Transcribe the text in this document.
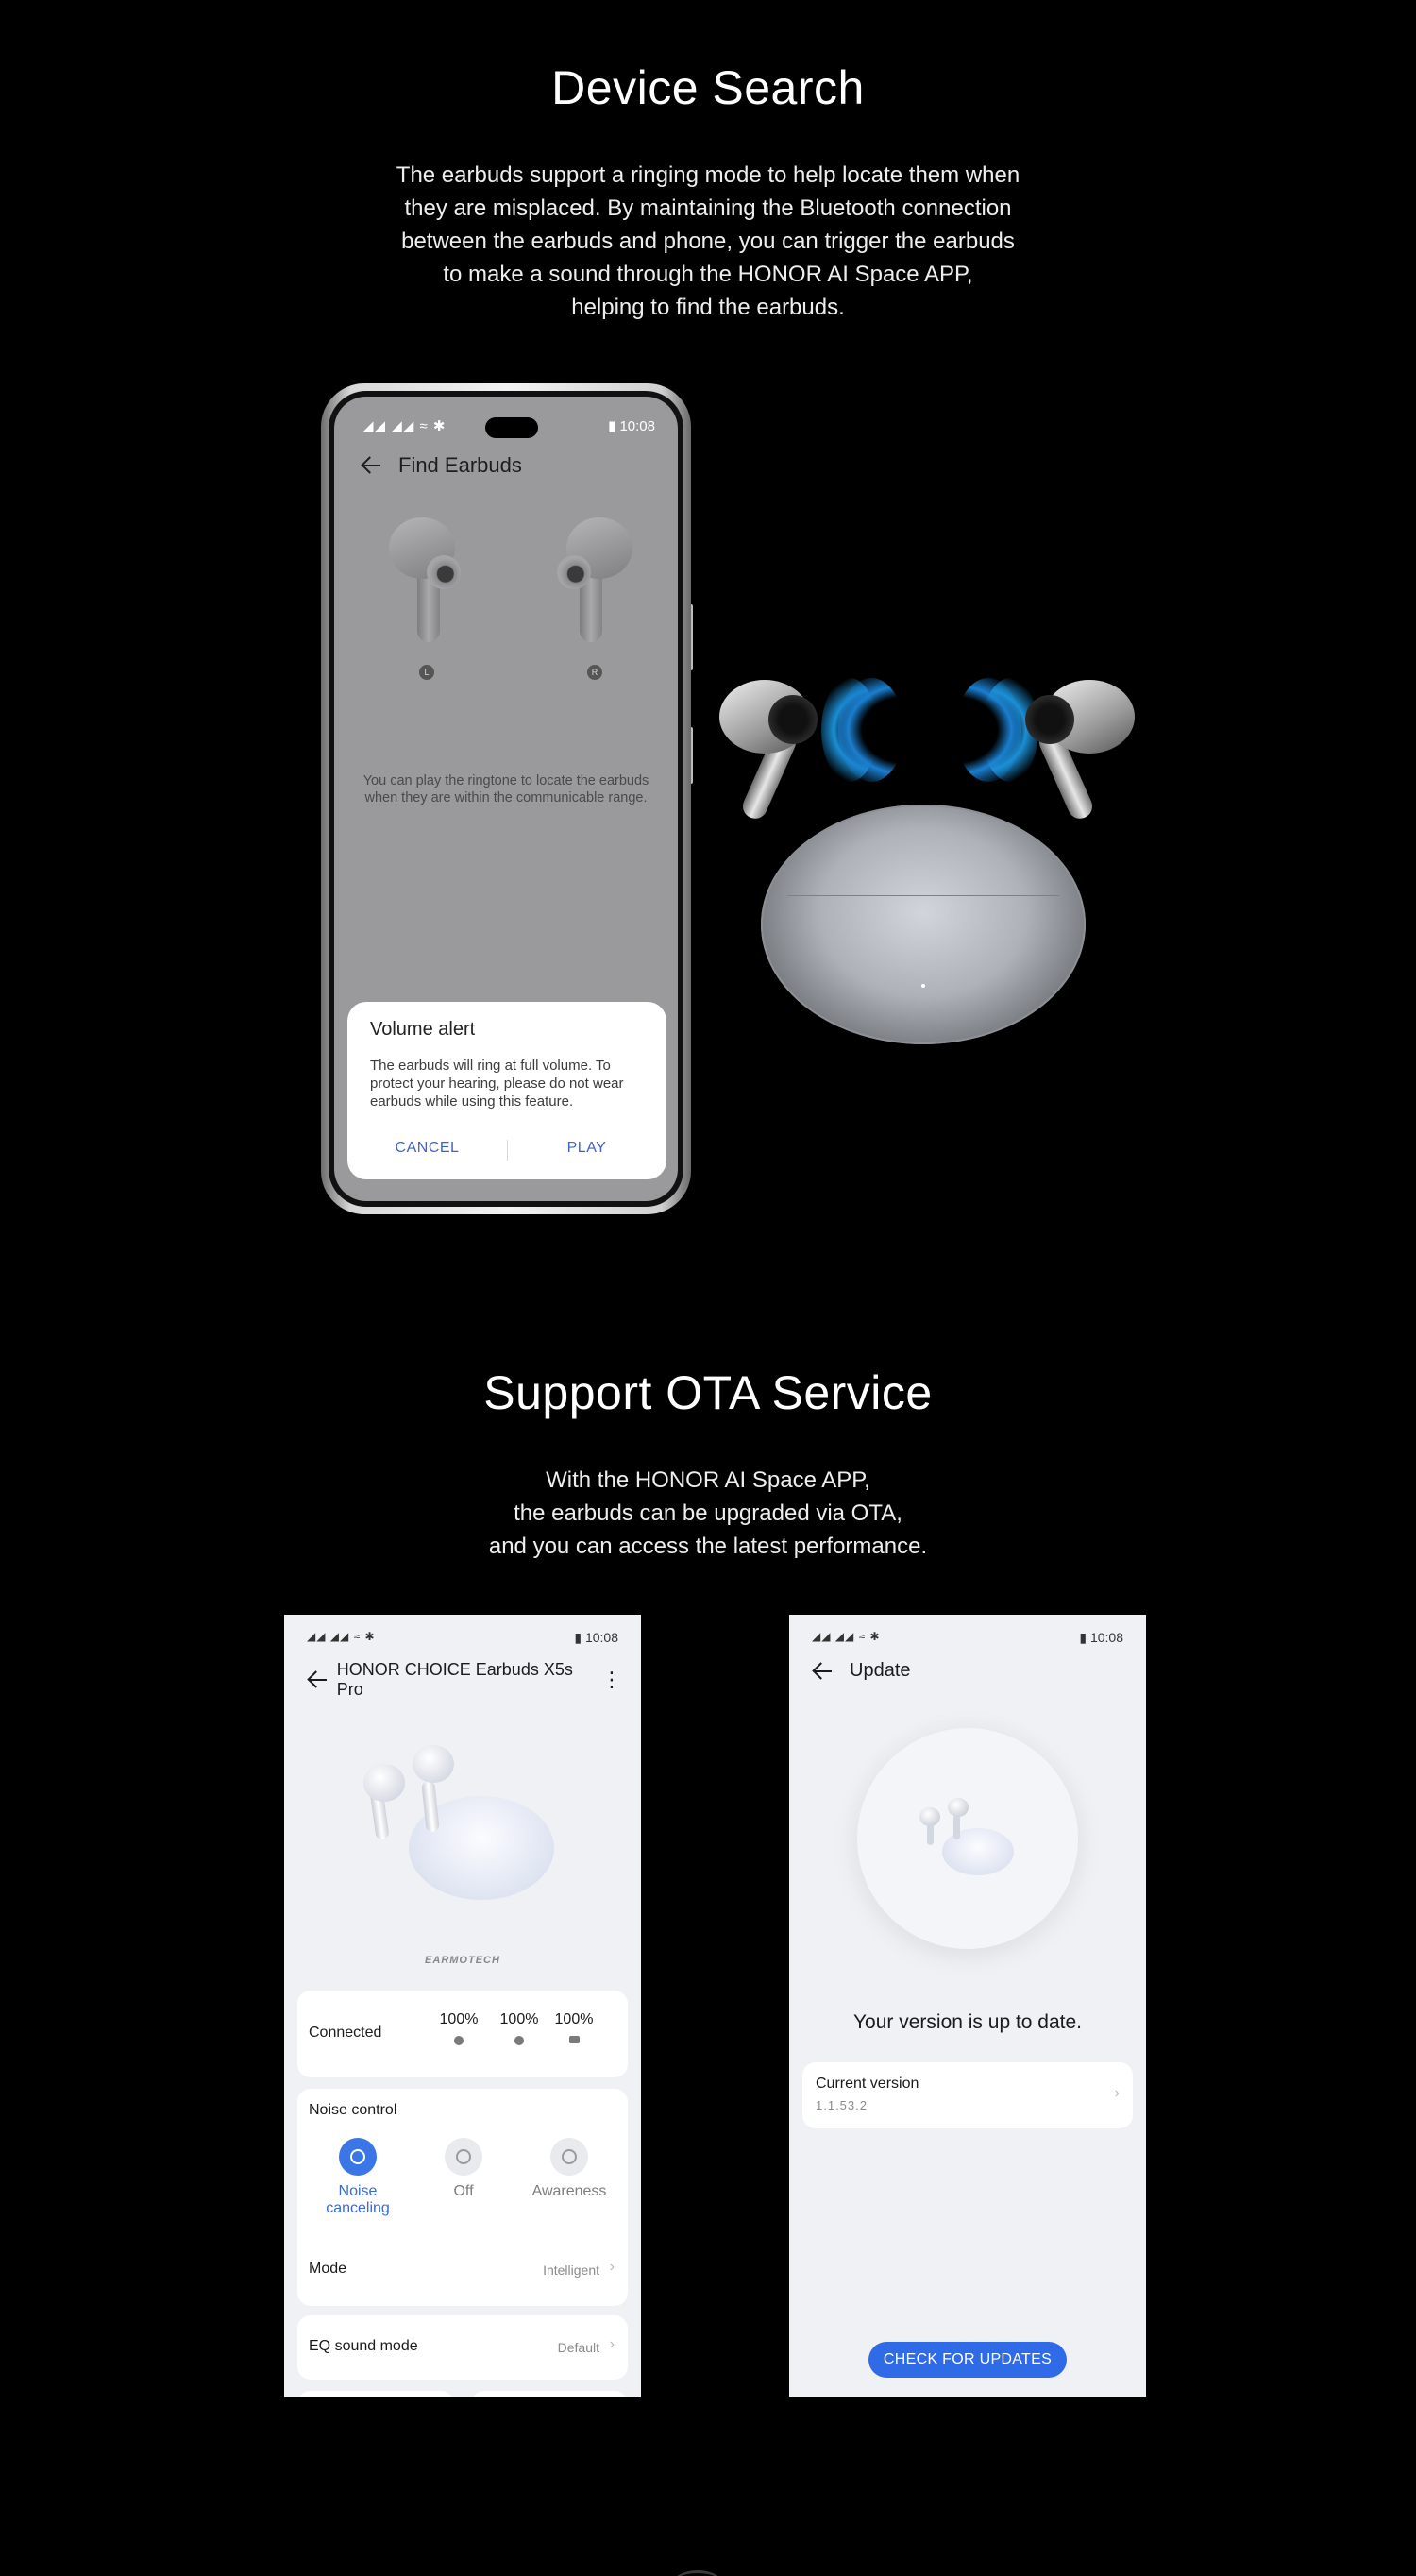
Device Search

The earbuds support a ringing mode to help locate them when
they are misplaced. By maintaining the Bluetooth connection
between the earbuds and phone, you can trigger the earbuds
to make a sound through the HONOR AI Space APP,
helping to find the earbuds.

◢◢ ◢◢ ≈ ✱	▮ 10:08
Find Earbuds
L	R

You can play the ringtone to locate the earbuds when they are within the communicable range.

Volume alert
The earbuds will ring at full volume. To protect your hearing, please do not wear earbuds while using this feature.
CANCEL	PLAY
Support OTA Service

With the HONOR AI Space APP,
the earbuds can be upgraded via OTA,
and you can access the latest performance.

◢◢ ◢◢ ≈ ✱	▮ 10:08
HONOR CHOICE Earbuds X5s Pro	⋮
EARMOTECH
Connected
100% 100% 100%
Noise control
Noise
canceling
Off	Awareness
Mode	Intelligent ›
EQ sound mode	Default ›
◢◢ ◢◢ ≈ ✱	▮ 10:08
Update
Your version is up to date.
Current version
1.1.53.2
›
CHECK FOR UPDATES
